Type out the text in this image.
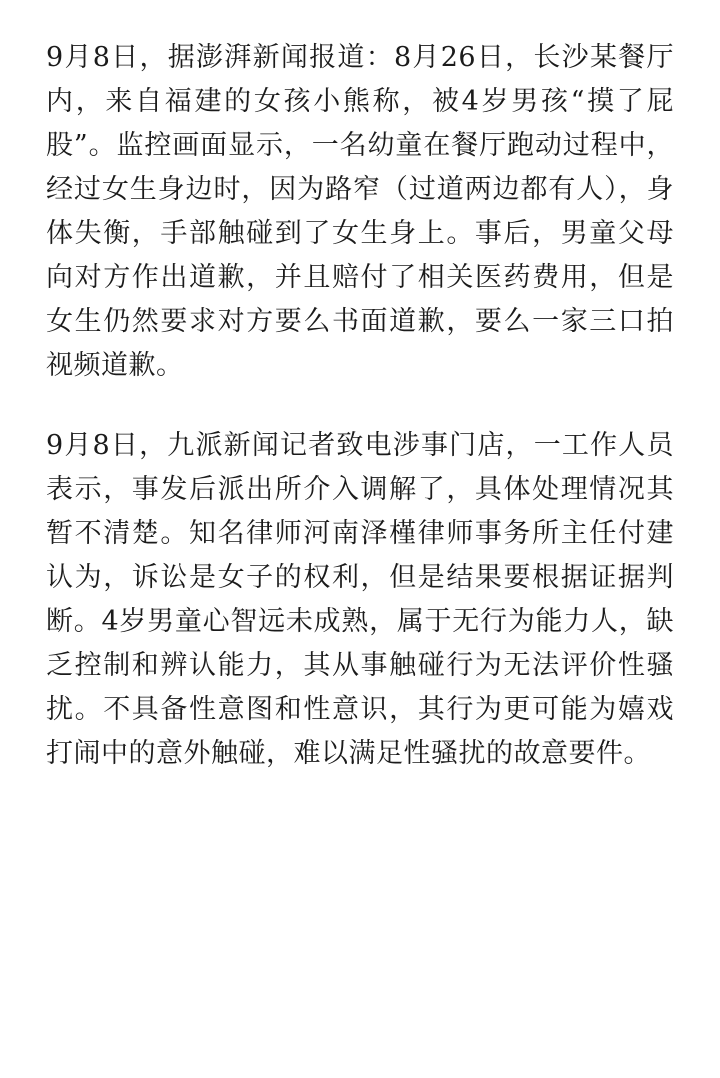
9月8日，据澎湃新闻报道：8月26日，长沙某餐厅内，来自福建的女孩小熊称，被4岁男孩“摸了屁股”。监控画面显示，一名幼童在餐厅跑动过程中，经过女生身边时，因为路窄（过道两边都有人），身体失衡，手部触碰到了女生身上。事后，男童父母向对方作出道歉，并且赔付了相关医药费用，但是女生仍然要求对方要么书面道歉，要么一家三口拍视频道歉。

9月8日，九派新闻记者致电涉事门店，一工作人员表示，事发后派出所介入调解了，具体处理情况其暂不清楚。知名律师河南泽槿律师事务所主任付建认为，诉讼是女子的权利，但是结果要根据证据判断。4岁男童心智远未成熟，属于无行为能力人，缺乏控制和辨认能力，其从事触碰行为无法评价性骚扰。不具备性意图和性意识，其行为更可能为嬉戏打闹中的意外触碰，难以满足性骚扰的故意要件。
